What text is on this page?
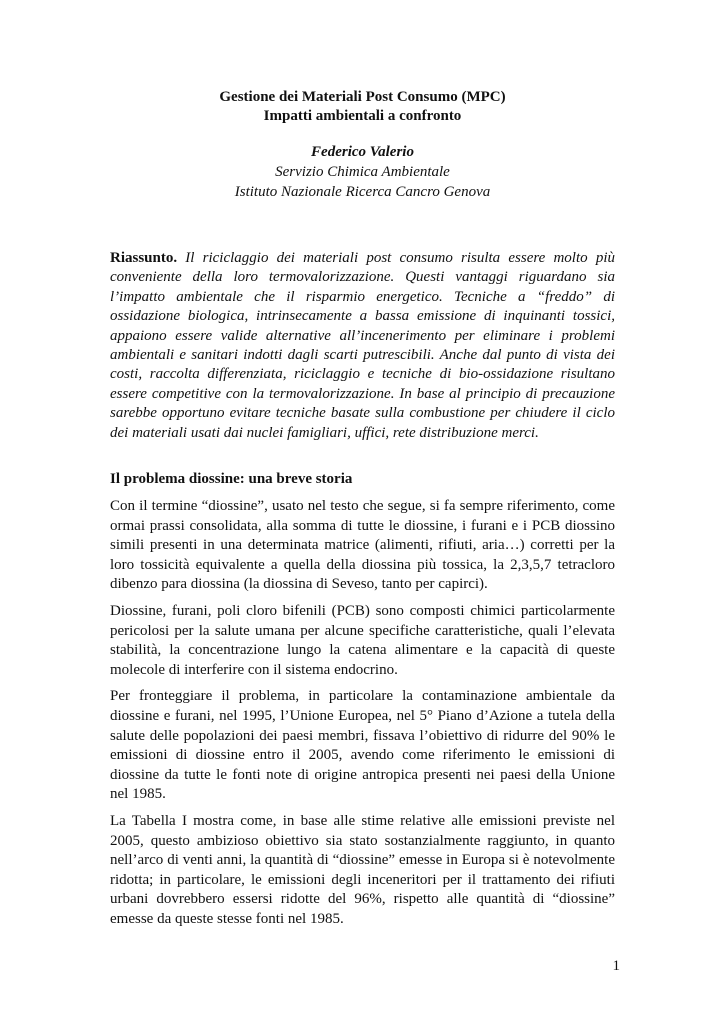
Gestione dei Materiali Post Consumo (MPC)
Impatti ambientali a confronto
Federico Valerio
Servizio Chimica Ambientale
Istituto Nazionale Ricerca Cancro Genova

Riassunto. Il riciclaggio dei materiali post consumo risulta essere molto più conveniente della loro termovalorizzazione. Questi vantaggi riguardano sia l’impatto ambientale che il risparmio energetico. Tecniche a “freddo” di ossidazione biologica, intrinsecamente a bassa emissione di inquinanti tossici, appaiono essere valide alternative all’incenerimento per eliminare i problemi ambientali e sanitari indotti dagli scarti putrescibili. Anche dal punto di vista dei costi, raccolta differenziata, riciclaggio e tecniche di bio-ossidazione risultano essere competitive con la termovalorizzazione. In base al principio di precauzione sarebbe opportuno evitare tecniche basate sulla combustione per chiudere il ciclo dei materiali usati dai nuclei famigliari, uffici, rete distribuzione merci.

Il problema diossine: una breve storia

Con il termine “diossine”, usato nel testo che segue, si fa sempre riferimento, come ormai prassi consolidata, alla somma di tutte le diossine, i furani e i PCB diossino simili presenti in una determinata matrice (alimenti, rifiuti, aria…) corretti per la loro tossicità equivalente a quella della diossina più tossica, la 2,3,5,7 tetracloro dibenzo para diossina (la diossina di Seveso, tanto per capirci).

Diossine, furani, poli cloro bifenili (PCB) sono composti chimici particolarmente pericolosi per la salute umana per alcune specifiche caratteristiche, quali l’elevata stabilità, la concentrazione lungo la catena alimentare e la capacità di queste molecole di interferire con il sistema endocrino.

Per fronteggiare il problema, in particolare la contaminazione ambientale da diossine e furani, nel 1995, l’Unione Europea, nel 5° Piano d’Azione a tutela della salute delle popolazioni dei paesi membri, fissava l’obiettivo di ridurre del 90% le emissioni di diossine entro il 2005, avendo come riferimento le emissioni di diossine da tutte le fonti note di origine antropica presenti nei paesi della Unione nel 1985.

La Tabella I mostra come, in base alle stime relative alle emissioni previste nel 2005, questo ambizioso obiettivo sia stato sostanzialmente raggiunto, in quanto nell’arco di venti anni, la quantità di “diossine” emesse in Europa si è notevolmente ridotta; in particolare, le emissioni degli inceneritori per il trattamento dei rifiuti urbani dovrebbero essersi ridotte del 96%, rispetto alle quantità di “diossine” emesse da queste stesse fonti nel 1985.

1
